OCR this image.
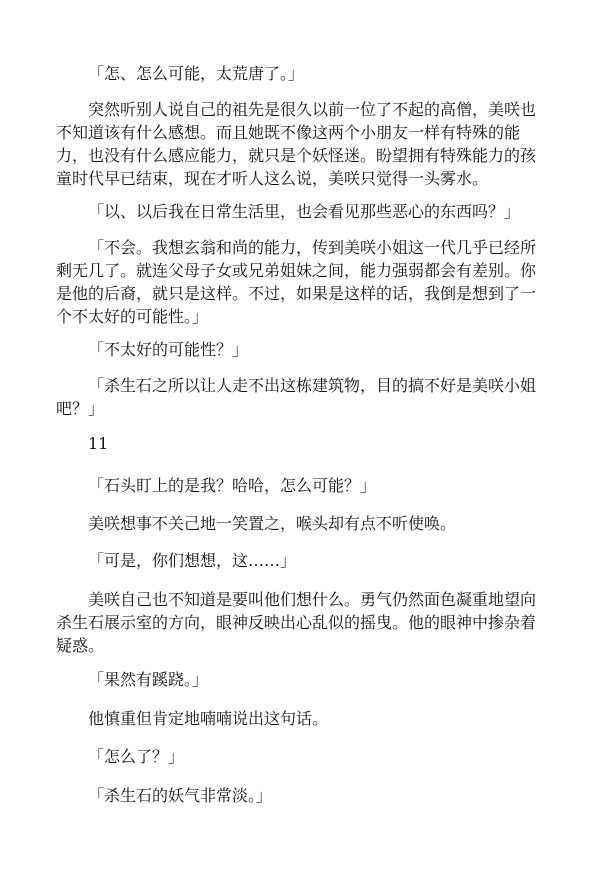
「怎、怎么可能，太荒唐了。」

突然听别人说自己的祖先是很久以前一位了不起的高僧，美咲也不知道该有什么感想。而且她既不像这两个小朋友一样有特殊的能力，也没有什么感应能力，就只是个妖怪迷。盼望拥有特殊能力的孩童时代早已结束，现在才听人这么说，美咲只觉得一头雾水。

「以、以后我在日常生活里，也会看见那些恶心的东西吗？」

「不会。我想玄翁和尚的能力，传到美咲小姐这一代几乎已经所剩无几了。就连父母子女或兄弟姐妹之间，能力强弱都会有差别。你是他的后裔，就只是这样。不过，如果是这样的话，我倒是想到了一个不太好的可能性。」

「不太好的可能性？」

「杀生石之所以让人走不出这栋建筑物，目的搞不好是美咲小姐吧？」

11

「石头盯上的是我？哈哈，怎么可能？」

美咲想事不关己地一笑置之，喉头却有点不听使唤。

「可是，你们想想，这……」

美咲自己也不知道是要叫他们想什么。勇气仍然面色凝重地望向杀生石展示室的方向，眼神反映出心乱似的摇曳。他的眼神中掺杂着疑惑。

「果然有蹊跷。」

他慎重但肯定地喃喃说出这句话。

「怎么了？」

「杀生石的妖气非常淡。」
